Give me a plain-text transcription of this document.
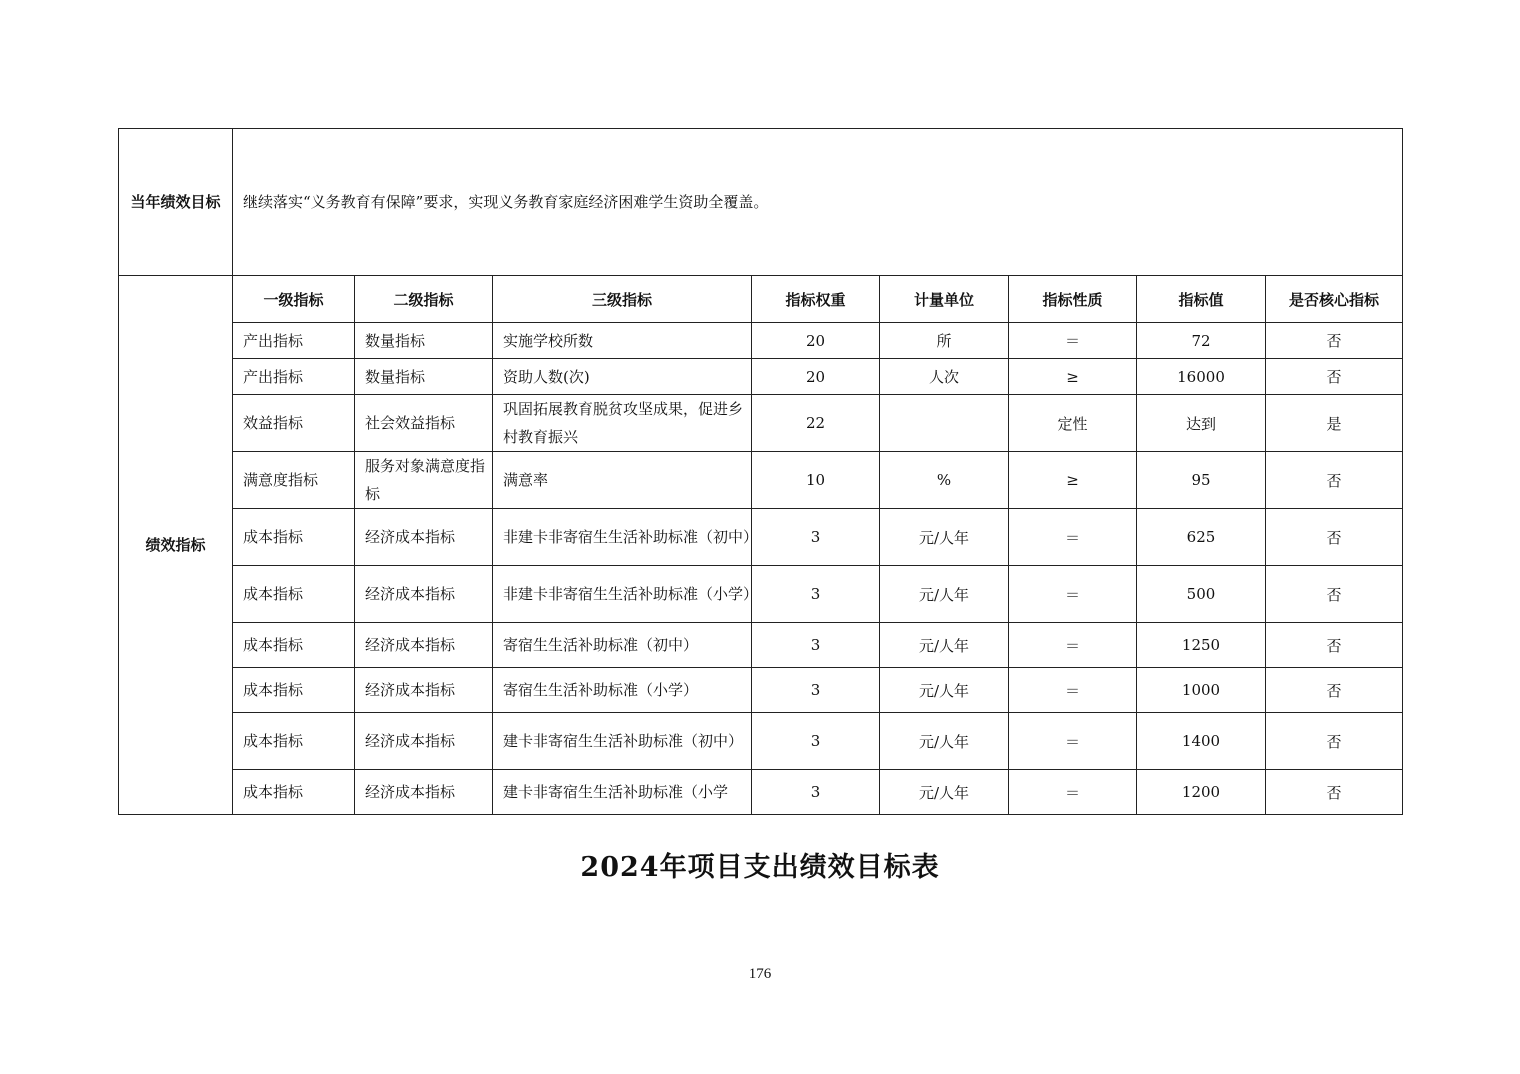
当年绩效目标	继续落实“义务教育有保障”要求，实现义务教育家庭经济困难学生资助全覆盖。							
绩效指标	一级指标	二级指标	三级指标	指标权重	计量单位	指标性质	指标值	是否核心指标
	产出指标	数量指标	实施学校所数	20	所	＝	72	否
	产出指标	数量指标	资助人数(次)	20	人次	≥	16000	否
	效益指标	社会效益指标	巩固拓展教育脱贫攻坚成果，促进乡村教育振兴	22		定性	达到	是
	满意度指标	服务对象满意度指标	满意率	10	%	≥	95	否
	成本指标	经济成本指标	非建卡非寄宿生生活补助标准（初中）	3	元/人年	＝	625	否
	成本指标	经济成本指标	非建卡非寄宿生生活补助标准（小学）	3	元/人年	＝	500	否
	成本指标	经济成本指标	寄宿生生活补助标准（初中）	3	元/人年	＝	1250	否
	成本指标	经济成本指标	寄宿生生活补助标准（小学）	3	元/人年	＝	1000	否
	成本指标	经济成本指标	建卡非寄宿生生活补助标准（初中）	3	元/人年	＝	1400	否
	成本指标	经济成本指标	建卡非寄宿生生活补助标准（小学	3	元/人年	＝	1200	否
2024年项目支出绩效目标表
176
